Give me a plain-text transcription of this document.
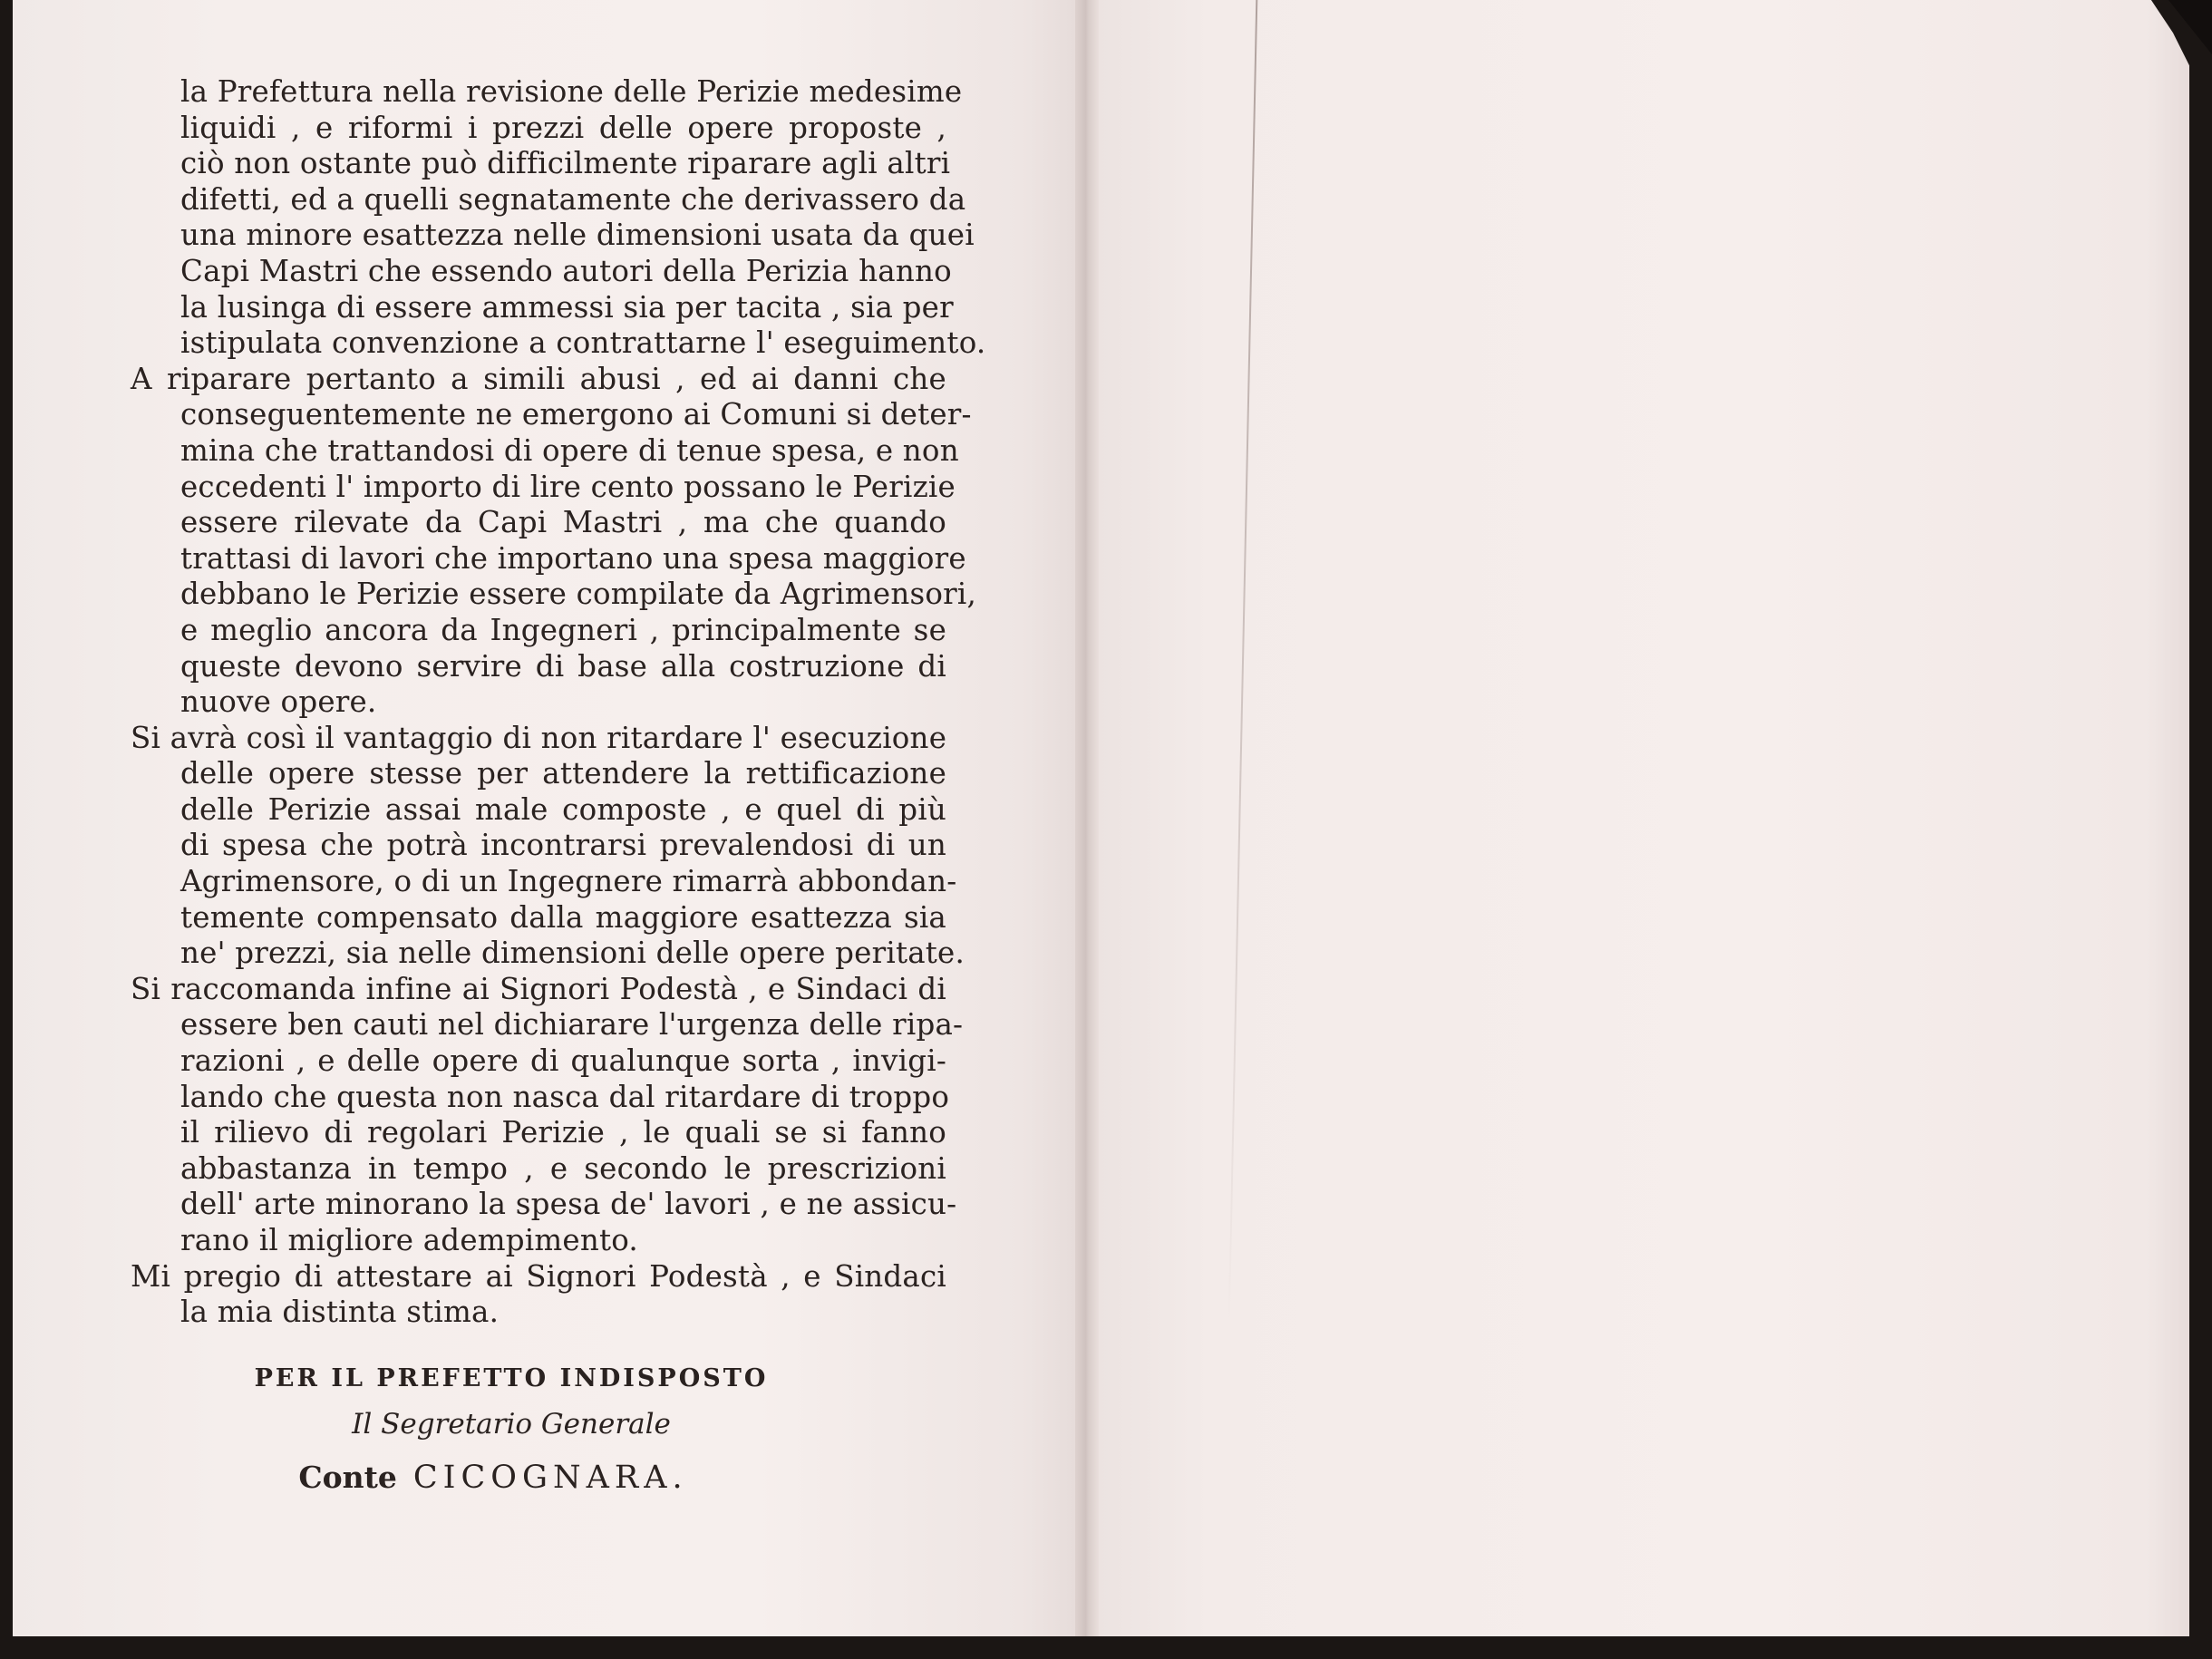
la Prefettura nella revisione delle Perizie medesime
liquidi , e riformi i prezzi delle opere proposte ,
ciò non ostante può difficilmente riparare agli altri
difetti, ed a quelli segnatamente che derivassero da
una minore esattezza nelle dimensioni usata da quei
Capi Mastri che essendo autori della Perizia hanno
la lusinga di essere ammessi sia per tacita , sia per
istipulata convenzione a contrattarne l' eseguimento.
A riparare pertanto a simili abusi , ed ai danni che
conseguentemente ne emergono ai Comuni si deter-
mina che trattandosi di opere di tenue spesa, e non
eccedenti l' importo di lire cento possano le Perizie
essere rilevate da Capi Mastri , ma che quando
trattasi di lavori che importano una spesa maggiore
debbano le Perizie essere compilate da Agrimensori,
e meglio ancora da Ingegneri , principalmente se
queste devono servire di base alla costruzione di
nuove opere.
Si avrà così il vantaggio di non ritardare l' esecuzione
delle opere stesse per attendere la rettificazione
delle Perizie assai male composte , e quel di più
di spesa che potrà incontrarsi prevalendosi di un
Agrimensore, o di un Ingegnere rimarrà abbondan-
temente compensato dalla maggiore esattezza sia
ne' prezzi, sia nelle dimensioni delle opere peritate.
Si raccomanda infine ai Signori Podestà , e Sindaci di
essere ben cauti nel dichiarare l'urgenza delle ripa-
razioni , e delle opere di qualunque sorta , invigi-
lando che questa non nasca dal ritardare di troppo
il rilievo di regolari Perizie , le quali se si fanno
abbastanza in tempo , e secondo le prescrizioni
dell' arte minorano la spesa de' lavori , e ne assicu-
rano il migliore adempimento.
Mi pregio di attestare ai Signori Podestà , e Sindaci
la mia distinta stima.
PER IL PREFETTO INDISPOSTO
Il Segretario Generale
Conte CICOGNARA.
